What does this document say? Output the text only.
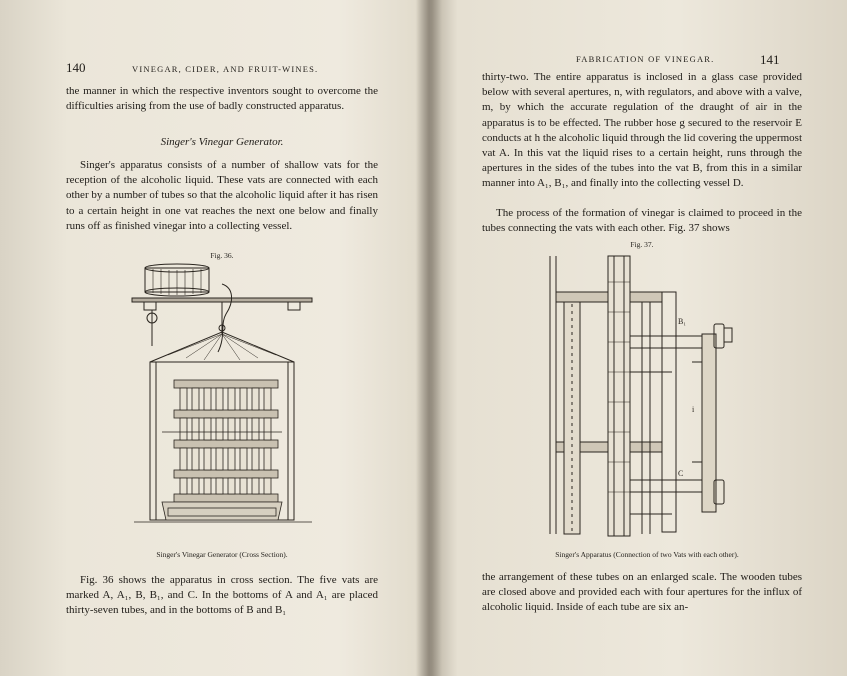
140	VINEGAR, CIDER, AND FRUIT-WINES.
the manner in which the respective inventors sought to overcome the difficulties arising from the use of badly constructed apparatus.
Singer's Vinegar Generator.
Singer's apparatus consists of a number of shallow vats for the reception of the alcoholic liquid. These vats are connected with each other by a number of tubes so that the alcoholic liquid after it has risen to a certain height in one vat reaches the next one below and finally runs off as finished vinegar into a collecting vessel.
Fig. 36.
Singer's Vinegar Generator (Cross Section).
Fig. 36 shows the apparatus in cross section. The five vats are marked A, A₁, B, B₁, and C. In the bottoms of A and A₁ are placed thirty-seven tubes, and in the bottoms of B and B₁
FABRICATION OF VINEGAR.	141
thirty-two. The entire apparatus is inclosed in a glass case provided below with several apertures, n, with regulators, and above with a valve, m, by which the accurate regulation of the draught of air in the apparatus is to be effected. The rubber hose g secured to the reservoir E conducts at h the alcoholic liquid through the lid covering the uppermost vat A. In this vat the liquid rises to a certain height, runs through the apertures in the sides of the tubes into the vat B, from this in a similar manner into A₁, B₁, and finally into the collecting vessel D.
The process of the formation of vinegar is claimed to proceed in the tubes connecting the vats with each other. Fig. 37 shows
Fig. 37.
B₁
i
C
Singer's Apparatus (Connection of two Vats with each other).
the arrangement of these tubes on an enlarged scale. The wooden tubes are closed above and provided each with four apertures for the influx of alcoholic liquid. Inside of each tube are six an-
